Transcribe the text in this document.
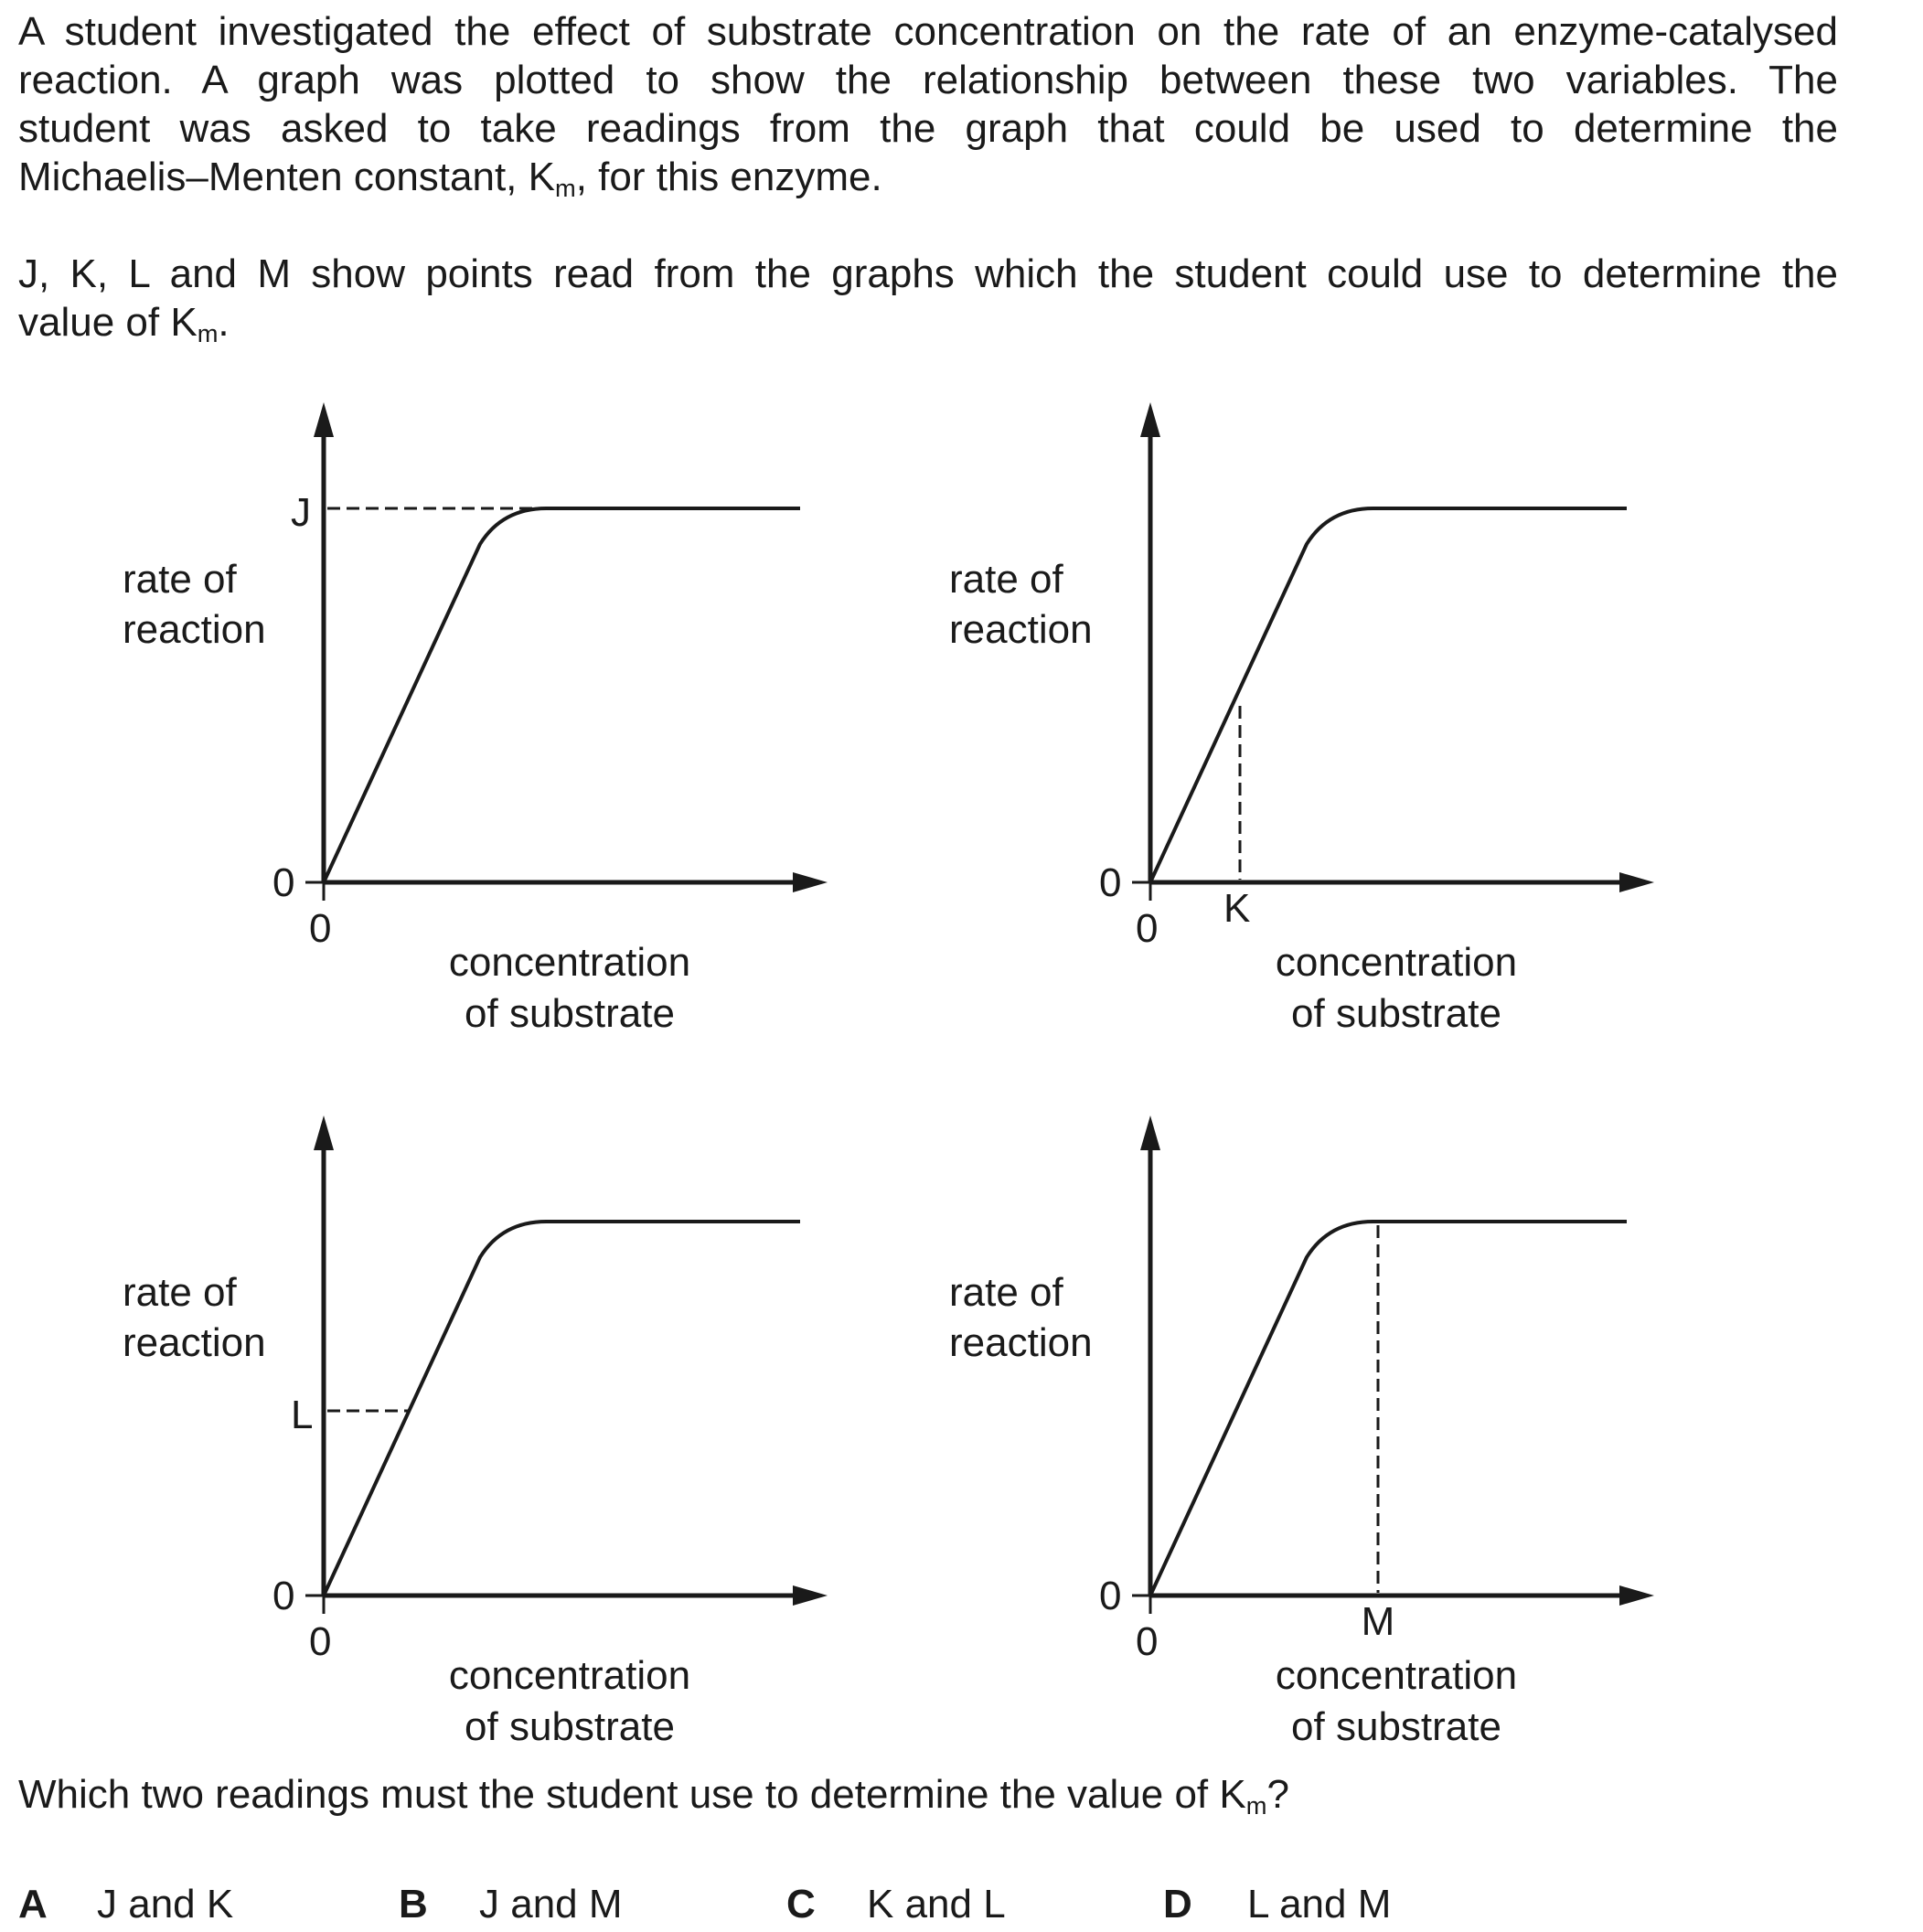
A student investigated the effect of substrate concentration on the rate of an enzyme-catalysed
reaction. A graph was plotted to show the relationship between these two variables. The
student was asked to take readings from the graph that could be used to determine the
Michaelis–Menten constant, $K_m$, for this enzyme.
J, K, L and M show points read from the graphs which the student could use to determine the
value of $K_m$.
J
rate of
reaction
0
0
concentration
of substrate
K
rate of
reaction
0
0
concentration
of substrate
L
rate of
reaction
0
0
concentration
of substrate
M
rate of
reaction
0
0
concentration
of substrate

Which two readings must the student use to determine the value of $K_m$?

A J and K	B J and M	C K and L	D L and M
